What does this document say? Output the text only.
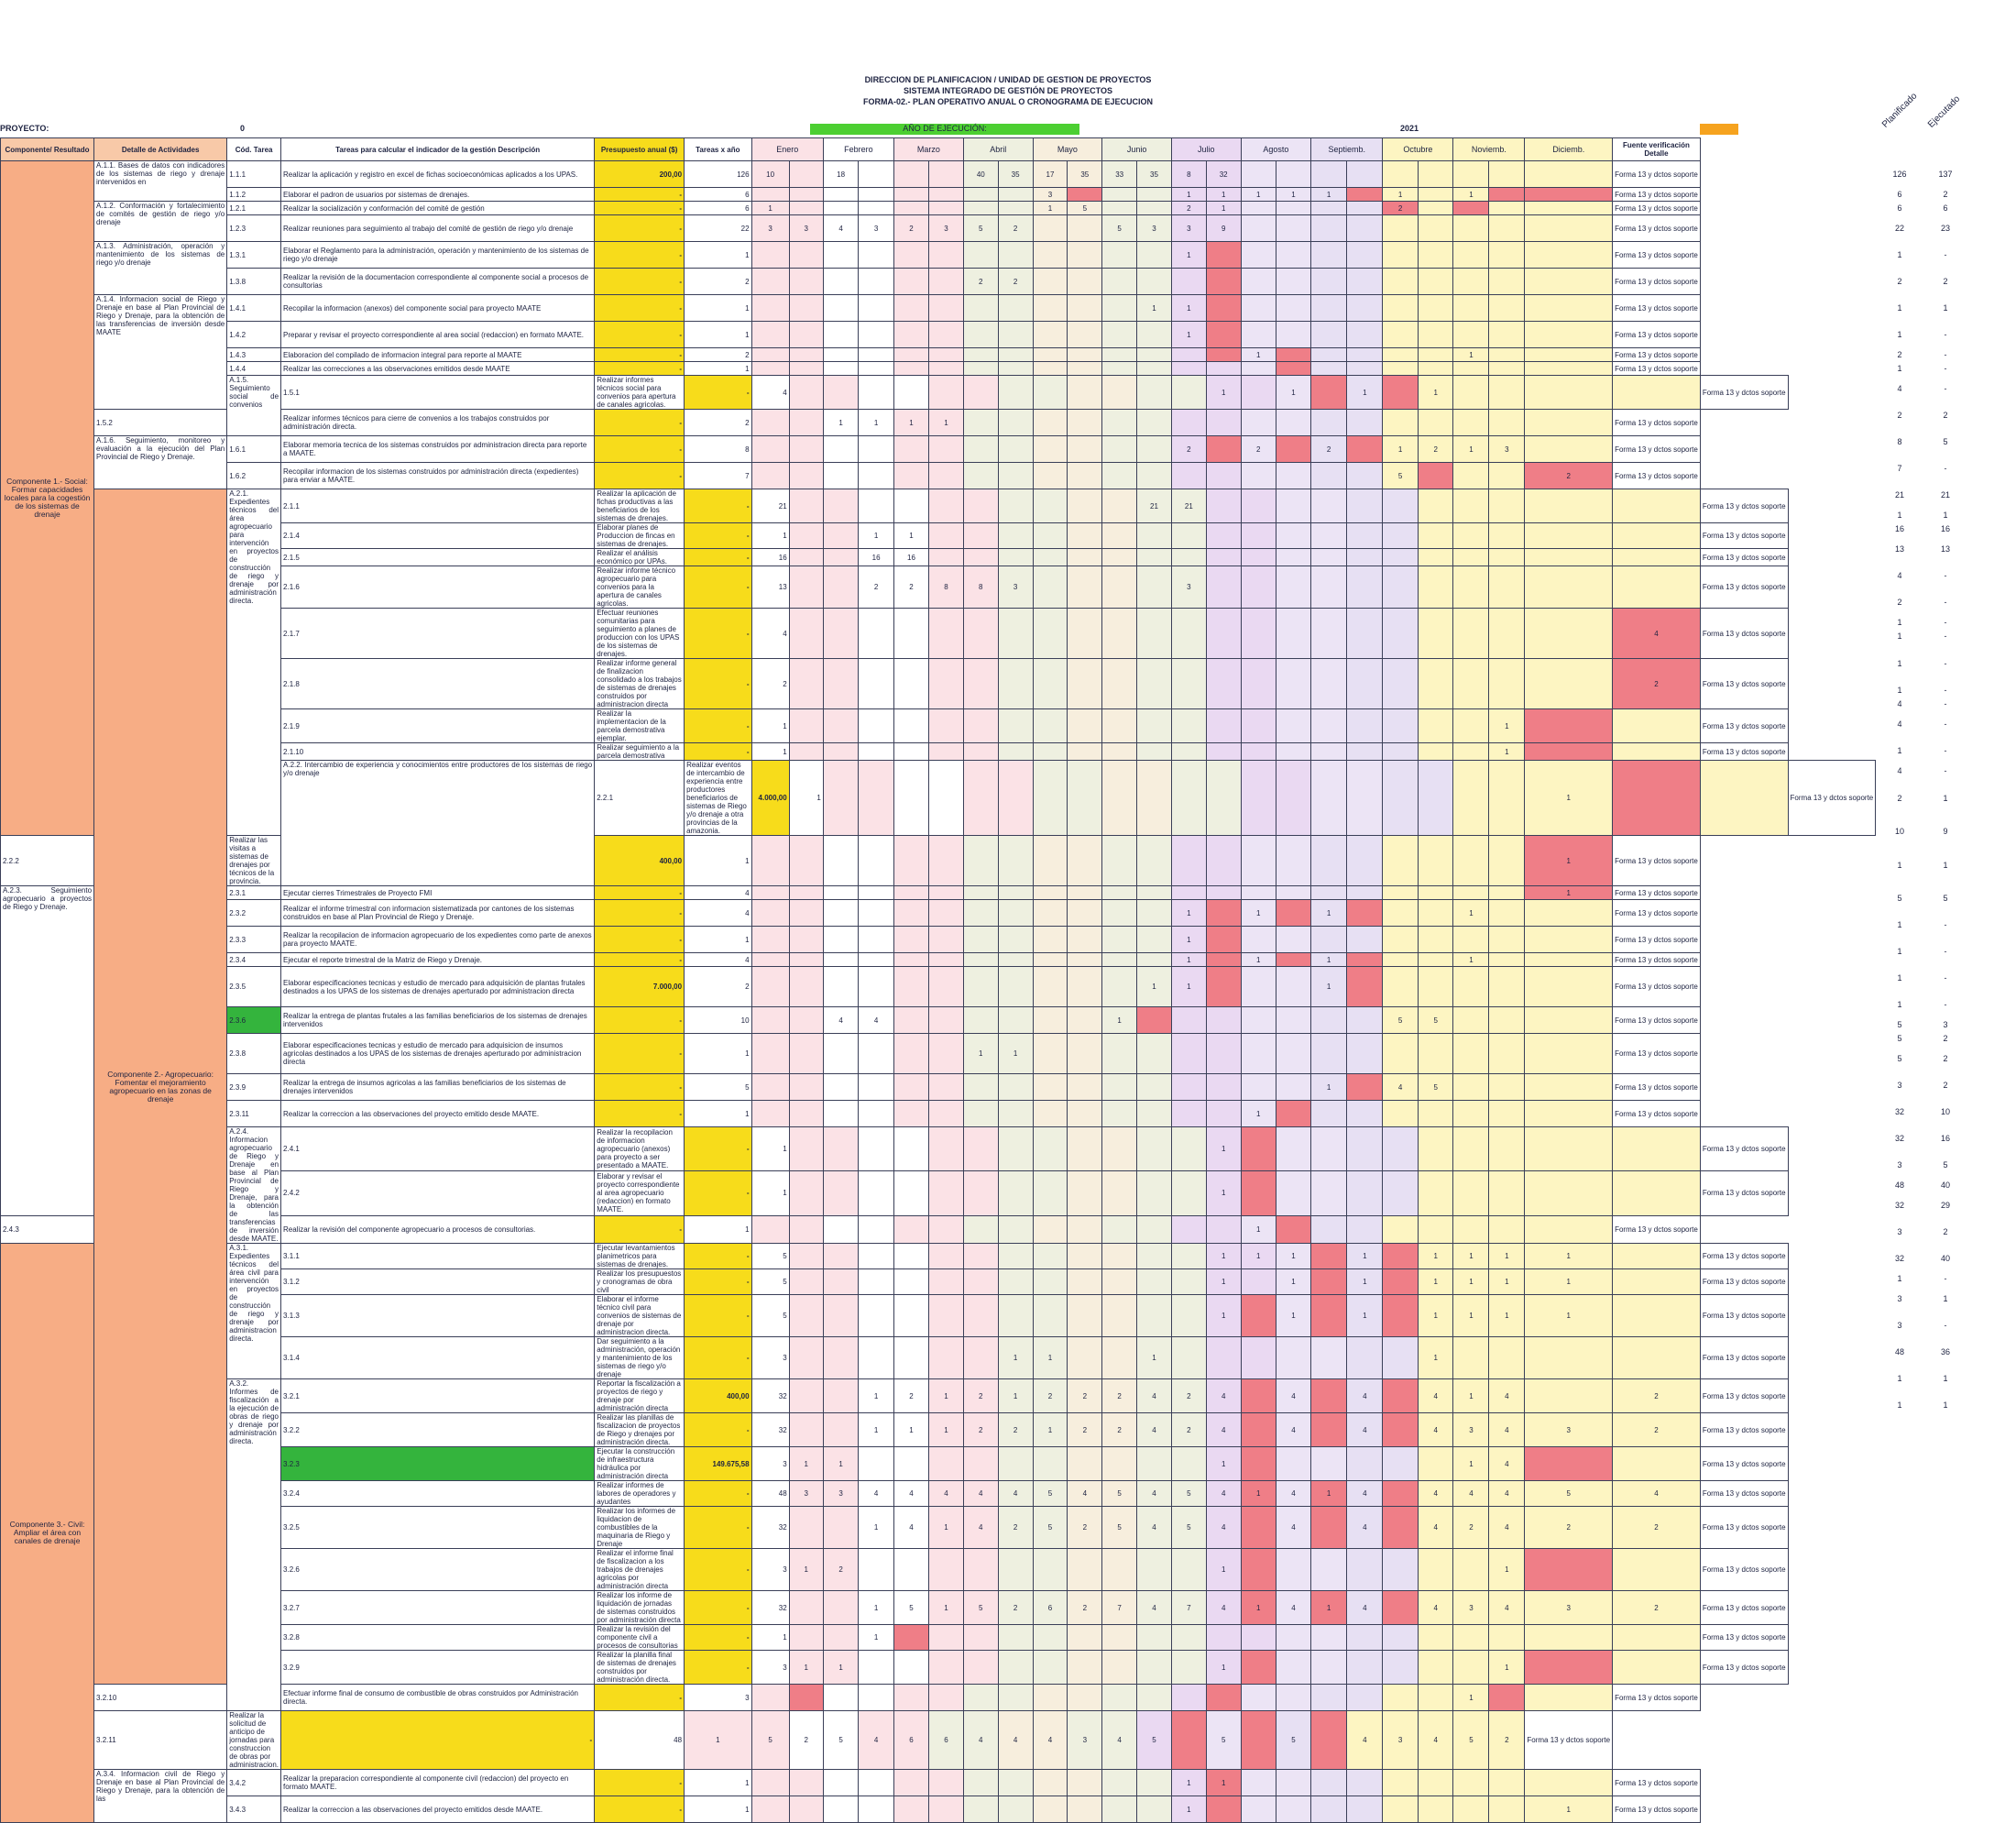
DIRECCION DE PLANIFICACION / UNIDAD DE GESTION DE PROYECTOS
SISTEMA INTEGRADO DE GESTIÓN DE PROYECTOS
FORMA-02.- PLAN OPERATIVO ANUAL O CRONOGRAMA DE EJECUCION
PROYECTO:	0	AÑO DE EJECUCIÓN:	2021	Planificado Ejecutado
Componente/ Resultado	Detalle de Actividades	Cód. Tarea	Tareas para calcular el indicador de la gestión Descripción	Presupuesto anual ($)	Tareas x año	Enero		Febrero		Marzo		Abril		Mayo		Junio		Julio		Agosto		Septiemb.		Octubre		Noviemb.		Diciemb.	Fuente verificación Detalle		
Componente 1.- Social: Formar capacidades locales para la cogestión de los sistemas de drenaje	A.1.1. Bases de datos con indicadores de los sistemas de riego y drenaje intervenidos en	1.1.1	Realizar la aplicación y registro en excel de fichas socioeconómicas aplicados a los UPAS.	200,00	126	10		18				40	35	17	35	33	35	8	32										Forma 13 y dctos soporte		
		1.1.2	Elaborar el padron de usuarios por sistemas de drenajes.	-	6									3				1	1	1	1	1		1		1			Forma 13 y dctos soporte		
	A.1.2. Conformación y fortalecimiento de comités de gestión de riego y/o drenaje	1.2.1	Realizar la socialización y conformación del comité de gestión	-	6	1								1	5			2	1					2					Forma 13 y dctos soporte		
		1.2.3	Realizar reuniones para seguimiento al trabajo del comité de gestión de riego y/o drenaje	-	22	3	3	4	3	2	3	5	2			5	3	3	9										Forma 13 y dctos soporte		
	A.1.3. Administración, operación y mantenimiento de los sistemas de riego y/o drenaje	1.3.1	Elaborar el Reglamento para la administración, operación y mantenimiento de los sistemas de riego y/o drenaje	-	1													1											Forma 13 y dctos soporte		
		1.3.8	Realizar la revisión de la documentacion correspondiente al componente social a procesos de consultorias	-	2							2	2																Forma 13 y dctos soporte		
	A.1.4. Informacion social de Riego y Drenaje en base al Plan Provincial de Riego y Drenaje, para la obtención de las transferencias de inversión desde MAATE	1.4.1	Recopilar la informacion (anexos) del componente social para proyecto MAATE	-	1												1	1											Forma 13 y dctos soporte		
		1.4.2	Preparar y revisar el proyecto correspondiente al area social (redaccion) en formato MAATE.	-	1													1											Forma 13 y dctos soporte		
		1.4.3	Elaboracion del compilado de informacion integral para reporte al MAATE	-	2															1						1			Forma 13 y dctos soporte		
		1.4.4	Realizar las correcciones a las observaciones emitidos desde MAATE	-	1																								Forma 13 y dctos soporte		
		A.1.5. Seguimiento social de convenios	1.5.1	Realizar informes técnicos social para convenios para apertura de canales agricolas.	-	4													1		1		1		1					Forma 13 y dctos soporte	
	1.5.2		Realizar informes técnicos para cierre de convenios a los trabajos construidos por administración directa.	-	2			1	1	1	1																		Forma 13 y dctos soporte		
	A.1.6. Seguimiento, monitoreo y evaluación a la ejecución del Plan Provincial de Riego y Drenaje.	1.6.1	Elaborar memoria tecnica de los sistemas construidos por administracion directa para reporte a MAATE.	-	8													2		2		2		1	2	1	3		Forma 13 y dctos soporte		
		1.6.2	Recopilar informacion de los sistemas construidos por administración directa (expedientes) para enviar a MAATE.	-	7																			5				2	Forma 13 y dctos soporte		
	Componente 2.- Agropecuario: Fomentar el mejoramiento agropecuario en las zonas de drenaje	A.2.1. Expedientes técnicos del área agropecuario para intervención en proyectos de construcción de riego y drenaje por administración directa.	2.1.1	Realizar la aplicación de fichas productivas a las beneficiarios de los sistemas de drenajes.	-	21											21	21												Forma 13 y dctos soporte	
			2.1.4	Elaborar planes de Produccion de fincas en sistemas de drenajes.	-	1			1	1																				Forma 13 y dctos soporte	
			2.1.5	Realizar el análisis económico por UPAs.	-	16			16	16																				Forma 13 y dctos soporte	
			2.1.6	Realizar informe técnico agropecuario para convenios para la apertura de canales agricolas.	-	13			2	2	8	8	3					3												Forma 13 y dctos soporte	
			2.1.7	Efectuar reuniones comunitarias para seguimiento a planes de produccion con los UPAS de los sistemas de drenajes.	-	4																							4	Forma 13 y dctos soporte	
			2.1.8	Realizar informe general de finalizacion consolidado a los trabajos de sistemas de drenajes construidos por administracion directa	-	2																							2	Forma 13 y dctos soporte	
			2.1.9	Realizar la implementacion de la parcela demostrativa ejemplar.	-	1																					1			Forma 13 y dctos soporte	
			2.1.10	Realizar seguimiento a la parcela demostrativa	-	1																					1			Forma 13 y dctos soporte	
			A.2.2. Intercambio de experiencia y conocimientos entre productores de los sistemas de riego y/o drenaje	2.2.1	Realizar eventos de intercambio de experiencia entre productores beneficiarios de sistemas de Riego y/o drenaje a otra provincias de la amazonia.	4.000,00	1																					1			Forma 13 y dctos soporte
2.2.2		Realizar las visitas a sistemas de drenajes por técnicos de la provincia.		400,00	1																							1	Forma 13 y dctos soporte		
A.2.3. Seguimiento agropecuario a proyectos de Riego y Drenaje.		2.3.1	Ejecutar cierres Trimestrales de Proyecto FMI	-	4																							1	Forma 13 y dctos soporte		
		2.3.2	Realizar el informe trimestral con informacion sistematizada por cantones de los sistemas construidos en base al Plan Provincial de Riego y Drenaje.	-	4													1		1		1				1			Forma 13 y dctos soporte		
		2.3.3	Realizar la recopilacion de informacion agropecuario de los expedientes como parte de anexos para proyecto MAATE.	-	1													1											Forma 13 y dctos soporte		
		2.3.4	Ejecutar el reporte trimestral de la Matriz de Riego y Drenaje.	-	4													1		1		1				1			Forma 13 y dctos soporte		
		2.3.5	Elaborar especificaciones tecnicas y estudio de mercado para adquisición de plantas frutales destinados a los UPAS de los sistemas de drenajes aperturado por administracion directa	7.000,00	2												1	1				1							Forma 13 y dctos soporte		
		2.3.6	Realizar la entrega de plantas frutales a las familias beneficiarios de los sistemas de drenajes intervenidos	-	10			4	4							1								5	5				Forma 13 y dctos soporte		
		2.3.8	Elaborar especificaciones tecnicas y estudio de mercado para adquisicion de insumos agricolas destinados a los UPAS de los sistemas de drenajes aperturado por administracion directa	-	1							1	1																Forma 13 y dctos soporte		
		2.3.9	Realizar la entrega de insumos agricolas a las familias beneficiarios de los sistemas de drenajes intervenidos	-	5																	1		4	5				Forma 13 y dctos soporte		
		2.3.11	Realizar la correccion a las observaciones del proyecto emitido desde MAATE.	-	1															1									Forma 13 y dctos soporte		
		A.2.4. Informacion agropecuario de Riego y Drenaje en base al Plan Provincial de Riego y Drenaje, para la obtención de las transferencias de inversión desde MAATE.	2.4.1	Realizar la recopilacion de informacion agropecuario (anexos) para proyecto a ser presentado a MAATE.	-	1													1											Forma 13 y dctos soporte	
			2.4.2	Elaborar y revisar el proyecto correspondiente al area agropecuario (redaccion) en formato MAATE.	-	1													1											Forma 13 y dctos soporte	
2.4.3			Realizar la revisión del componente agropecuario a procesos de consultorias.	-	1															1									Forma 13 y dctos soporte		
Componente 3.- Civil: Ampliar el área con canales de drenaje		A.3.1. Expedientes técnicos del área civil para intervención en proyectos de construcción de riego y drenaje por administracion directa.	3.1.1	Ejecutar levantamientos planimetricos para sistemas de drenajes.	-	5													1	1	1		1		1	1	1	1		Forma 13 y dctos soporte	
			3.1.2	Realizar los presupuestos y cronogramas de obra civil	-	5													1		1		1		1	1	1	1		Forma 13 y dctos soporte	
			3.1.3	Elaborar el informe técnico civil para convenios de sistemas de drenaje por administracion directa.	-	5													1		1		1		1	1	1	1		Forma 13 y dctos soporte	
			3.1.4	Dar seguimiento a la administración, operación y mantenimiento de los sistemas de riego y/o drenaje	-	3							1	1			1								1					Forma 13 y dctos soporte	
		A.3.2. Informes de fiscalización a la ejecución de obras de riego y drenaje por administración directa.	3.2.1	Reportar la fiscalización a proyectos de riego y drenaje por administración directa	400,00	32			1	2	1	2	1	2	2	2	4	2	4		4		4		4	1	4		2	Forma 13 y dctos soporte	
			3.2.2	Realizar las planillas de fiscalizacion de proyectos de Riego y drenajes por administración directa.	-	32			1	1	1	2	2	1	2	2	4	2	4		4		4		4	3	4	3	2	Forma 13 y dctos soporte	
			3.2.3	Ejecutar la construcción de infraestructura hidráulica por administración directa	149.675,58	3	1	1											1							1	4			Forma 13 y dctos soporte	
			3.2.4	Realizar informes de labores de operadores y ayudantes	-	48	3	3	4	4	4	4	4	5	4	5	4	5	4	1	4	1	4		4	4	4	5	4	Forma 13 y dctos soporte	
			3.2.5	Realizar los informes de liquidacion de combustibles de la maquinaria de Riego y Drenaje	-	32			1	4	1	4	2	5	2	5	4	5	4		4		4		4	2	4	2	2	Forma 13 y dctos soporte	
			3.2.6	Realizar el informe final de fiscalizacion a los trabajos de drenajes agricolas por administración directa	-	3	1	2											1								1			Forma 13 y dctos soporte	
			3.2.7	Realizar los informe de liquidación de jornadas de sistemas construidos por administración directa	-	32			1	5	1	5	2	6	2	7	4	7	4	1	4	1	4		4	3	4	3	2	Forma 13 y dctos soporte	
			3.2.8	Realizar la revisión del componente civil a procesos de consultorias	-	1			1																					Forma 13 y dctos soporte	
			3.2.9	Realizar la planilla final de sistemas de drenajes construidos por administración directa.	-	3	1	1											1								1			Forma 13 y dctos soporte	
	3.2.10		Efectuar informe final de consumo de combustible de obras construidos por Administración directa.	-	3																					1			Forma 13 y dctos soporte		
	3.2.11	Realizar la solicitud de anticipo de jornadas para construccion de obras por administracion.	-	48	1	5	2	5	4	6	6	4	4	4	3	4	5		5		5		4	3	4	5	2	Forma 13 y dctos soporte			
	A.3.4. Informacion civil de Riego y Drenaje en base al Plan Provincial de Riego y Drenaje, para la obtención de las	3.4.2	Realizar la preparacion correspondiente al componente civil (redaccion) del proyecto en formato MAATE.	-	1													1	1										Forma 13 y dctos soporte		
		3.4.3	Realizar la correccion a las observaciones del proyecto emitidos desde MAATE.	-	1													1										1	Forma 13 y dctos soporte		
126	137
6	2
6	6
22	23
1	-
2	2
1	1
1	-
2	-
1	-
4	-
2	2
8	5
7	-
21	21
1	1
16	16
13	13
4	-
2	-
1	-
1	-
1	-
1	-
4	-
4	-
1	-
4	-
2	1
10	9
1	1
5	5
1	-
1	-
1	-
1	-
5	3
5	2
5	2
3	2
32	10
32	16
3	5
48	40
32	29
3	2
32	40
1	-
3	1
3	-
48	36
1	1
1	1
